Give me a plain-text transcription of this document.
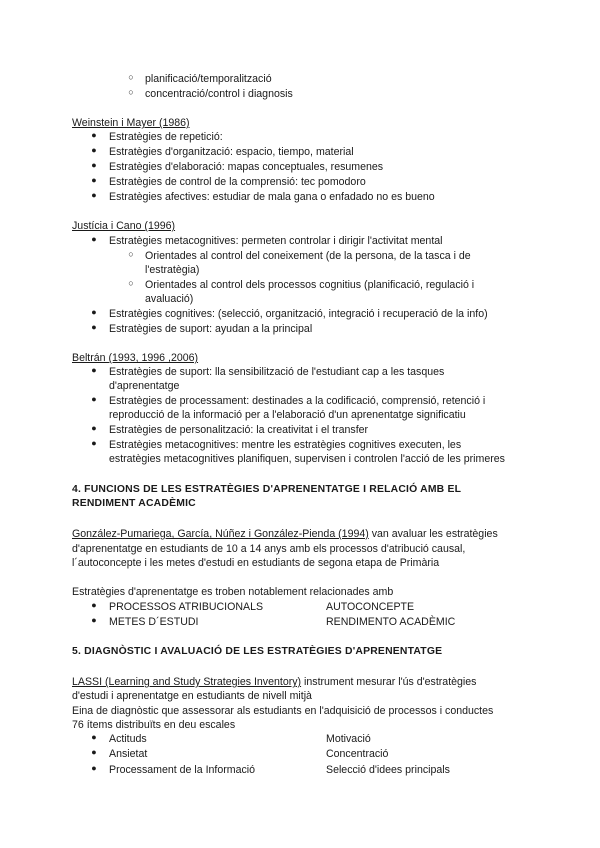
○ planificació/temporalització
○ concentració/control i diagnosis
Weinstein i Mayer (1986)
● Estratègies de repetició:
● Estratègies d'organització: espacio, tiempo, material
● Estratègies d'elaboració: mapas conceptuales, resumenes
● Estratègies de control de la comprensió: tec pomodoro
● Estratègies afectives: estudiar de mala gana o enfadado no es bueno
Justícia i Cano (1996)
● Estratègies metacognitives: permeten controlar i dirigir l'activitat mental
○ Orientades al control del coneixement (de la persona, de la tasca i de
l'estratègia)
○ Orientades al control dels processos cognitius (planificació, regulació i
avaluació)
● Estratègies cognitives: (selecció, organització, integració i recuperació de la info)
● Estratègies de suport: ayudan a la principal
Beltrán (1993, 1996 ,2006)
● Estratègies de suport: lla sensibilització de l'estudiant cap a les tasques
d'aprenentatge
● Estratègies de processament: destinades a la codificació, comprensió, retenció i
reproducció de la informació per a l'elaboració d'un aprenentatge significatiu
● Estratègies de personalització: la creativitat i el transfer
● Estratègies metacognitives: mentre les estratègies cognitives executen, les
estratègies metacognitives planifiquen, supervisen i controlen l'acció de les primeres
4. FUNCIONS DE LES ESTRATÈGIES D'APRENENTATGE I RELACIÓ AMB EL
RENDIMENT ACADÈMIC
González-Pumariega, García, Núñez i González-Pienda (1994) van avaluar les estratègies
d'aprenentatge en estudiants de 10 a 14 anys amb els processos d'atribució causal,
l´autoconcepte i les metes d'estudi en estudiants de segona etapa de Primària
Estratègies d'aprenentatge es troben notablement relacionades amb
● PROCESSOS ATRIBUCIONALS	AUTOCONCEPTE
● METES D´ESTUDI	RENDIMENTO ACADÈMIC
5. DIAGNÒSTIC I AVALUACIÓ DE LES ESTRATÈGIES D'APRENENTATGE
LASSI (Learning and Study Strategies Inventory) instrument mesurar l'ús d'estratègies
d'estudi i aprenentatge en estudiants de nivell mitjà
Eina de diagnòstic que assessorar als estudiants en l'adquisició de processos i conductes
76 ítems distribuïts en deu escales
● Actituds	Motivació
● Ansietat	Concentració
● Processament de la Informació	Selecció d'idees principals
